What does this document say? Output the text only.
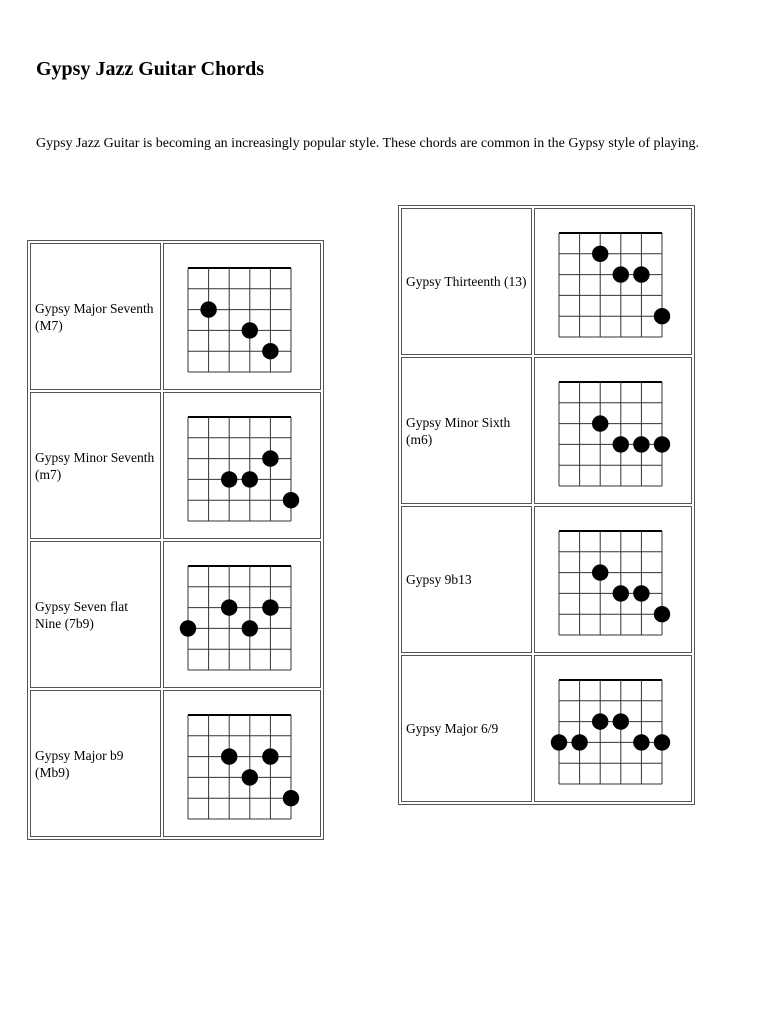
Gypsy Jazz Guitar Chords

Gypsy Jazz Guitar is becoming an increasingly popular style. These chords are common in the Gypsy style of playing.

Gypsy Major Seventh (M7)
Gypsy Minor Seventh (m7)
Gypsy Seven flat Nine (7b9)
Gypsy Major b9 (Mb9)
Gypsy Thirteenth (13)
Gypsy Minor Sixth (m6)
Gypsy 9b13
Gypsy Major 6/9
